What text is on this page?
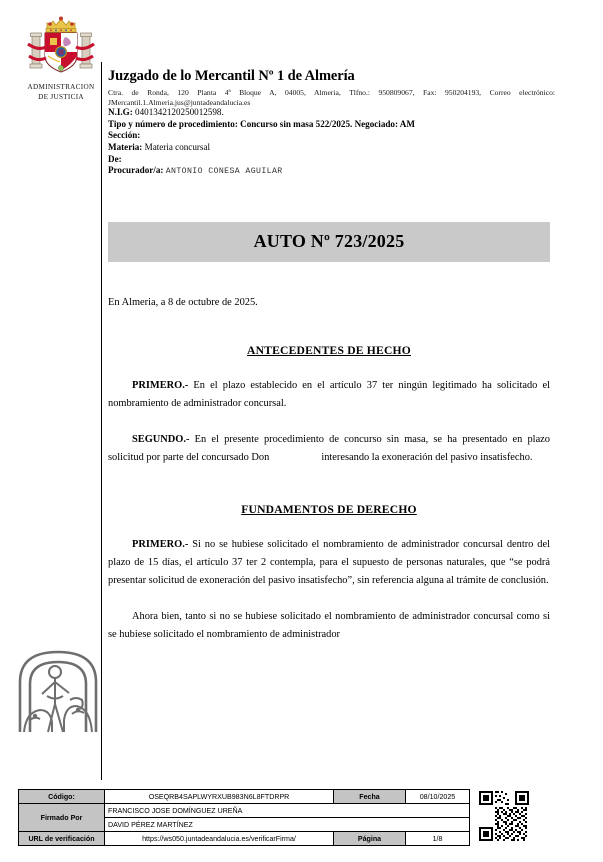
ADMINISTRACION
DE JUSTICIA
Juzgado de lo Mercantil Nº 1 de Almería
Ctra. de Ronda, 120 Planta 4ª Bloque A, 04005, Almeria, Tlfno.: 950809067, Fax: 950204193, Correo electrónico: JMercantil.1.Almeria.jus@juntadeandalucia.es
N.I.G: 0401342120250012598.
Tipo y número de procedimiento: Concurso sin masa 522/2025. Negociado: AM
Sección:
Materia: Materia concursal
De:
Procurador/a: ANTONIO CONESA AGUILAR
AUTO Nº 723/2025
En Almeria, a 8 de octubre de 2025.
ANTECEDENTES DE HECHO

PRIMERO.- En el plazo establecido en el artículo 37 ter ningún legitimado ha solicitado el nombramiento de administrador concursal.

SEGUNDO.- En el presente procedimiento de concurso sin masa, se ha presentado en plazo solicitud por parte del concursado Don	interesando la exoneración del pasivo insatisfecho.

FUNDAMENTOS DE DERECHO

PRIMERO.- Si no se hubiese solicitado el nombramiento de administrador concursal dentro del plazo de 15 días, el artículo 37 ter 2 contempla, para el supuesto de personas naturales, que “se podrá presentar solicitud de exoneración del pasivo insatisfecho”, sin referencia alguna al trámite de conclusión.

Ahora bien, tanto si no se hubiese solicitado el nombramiento de administrador concursal como si se hubiese solicitado el nombramiento de administrador

Código:	OSEQRB4SAPLWYRXUB983N6L8FTDRPR	Fecha	08/10/2025
Firmado Por	FRANCISCO JOSE DOMÍNGUEZ UREÑA		
	DAVID PÉREZ MARTÍNEZ		
URL de verificación	https://ws050.juntadeandalucia.es/verificarFirma/	Página	1/8
